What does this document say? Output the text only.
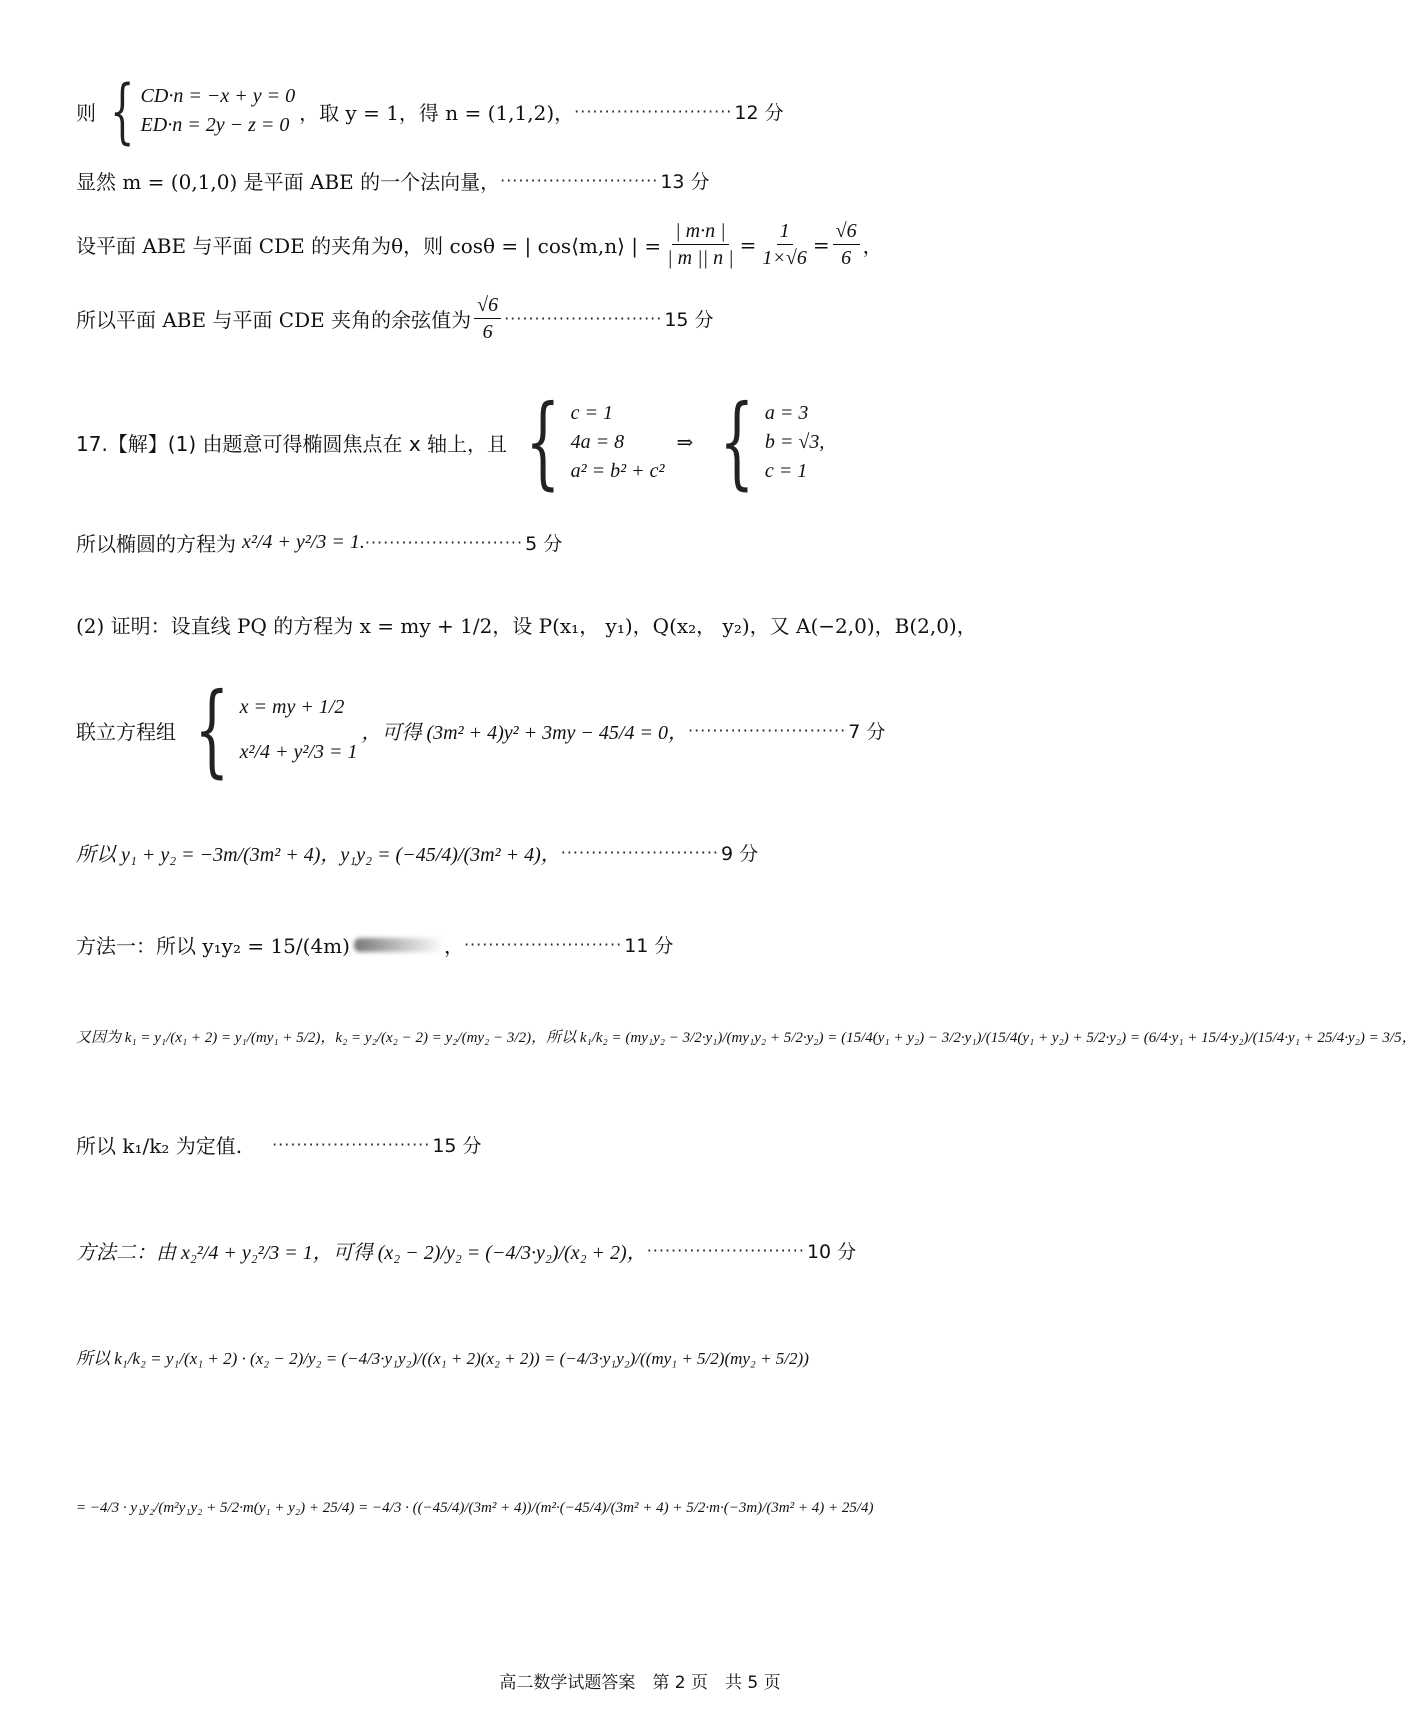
则 { CD·n = −x + y = 0
ED·n = 2y − z = 0
，取 y = 1，得 n = (1,1,2)， ·························· 12 分
显然 m = (0,1,0) 是平面 ABE 的一个法向量， ·························· 13 分
设平面 ABE 与平面 CDE 的夹角为θ，则 cosθ = | cos⟨m,n⟩ | = $\frac{| m\cdot n |}{| m || n |} = \frac{1}{1\times√6} = \frac{√6}{6}$ ，
所以平面 ABE 与平面 CDE 夹角的余弦值为 $\frac{√6}{6}$ ·························· 15 分
17.【解】(1) 由题意可得椭圆焦点在 x 轴上，且 { c = 1
4a = 8
a² = b² + c²
⇒ { a = 3
b = √3,
c = 1
所以椭圆的方程为 x²/4 + y²/3 = 1. ·························· 5 分
(2) 证明：设直线 PQ 的方程为 x = my + 1/2，设 P(x₁， y₁)，Q(x₂， y₂)，又 A(−2,0)，B(2,0)，
联立方程组 { x = my + 1/2
x²/4 + y²/3 = 1
，可得 (3m² + 4)y² + 3my − 45/4 = 0， ·························· 7 分
所以 y₁ + y₂ = −3m/(3m² + 4)，y₁y₂ = (−45/4)/(3m² + 4)， ·························· 9 分
方法一：所以 y₁y₂ = 15/(4m)	， ·························· 11 分
又因为 k₁ = y₁/(x₁ + 2) = y₁/(my₁ + 5/2)，k₂ = y₂/(x₂ − 2) = y₂/(my₂ − 3/2)，所以 k₁/k₂ = (my₁y₂ − 3/2·y₁)/(my₁y₂ + 5/2·y₂) = (15/4(y₁ + y₂) − 3/2·y₁)/(15/4(y₁ + y₂) + 5/2·y₂) = (6/4·y₁ + 15/4·y₂)/(15/4·y₁ + 25/4·y₂) = 3/5，
所以 k₁/k₂ 为定值. ·························· 15 分
方法二：由 x₂²/4 + y₂²/3 = 1，可得 (x₂ − 2)/y₂ = (−4/3·y₂)/(x₂ + 2)， ·························· 10 分
所以 k₁/k₂ = y₁/(x₁ + 2) · (x₂ − 2)/y₂ = (−4/3·y₁y₂)/((x₁ + 2)(x₂ + 2)) = (−4/3·y₁y₂)/((my₁ + 5/2)(my₂ + 5/2))
= −4/3 · y₁y₂/(m²y₁y₂ + 5/2·m(y₁ + y₂) + 25/4) = −4/3 · ((−45/4)/(3m² + 4))/(m²·(−45/4)/(3m² + 4) + 5/2·m·(−3m)/(3m² + 4) + 25/4)
高二数学试题答案　第 2 页　共 5 页
